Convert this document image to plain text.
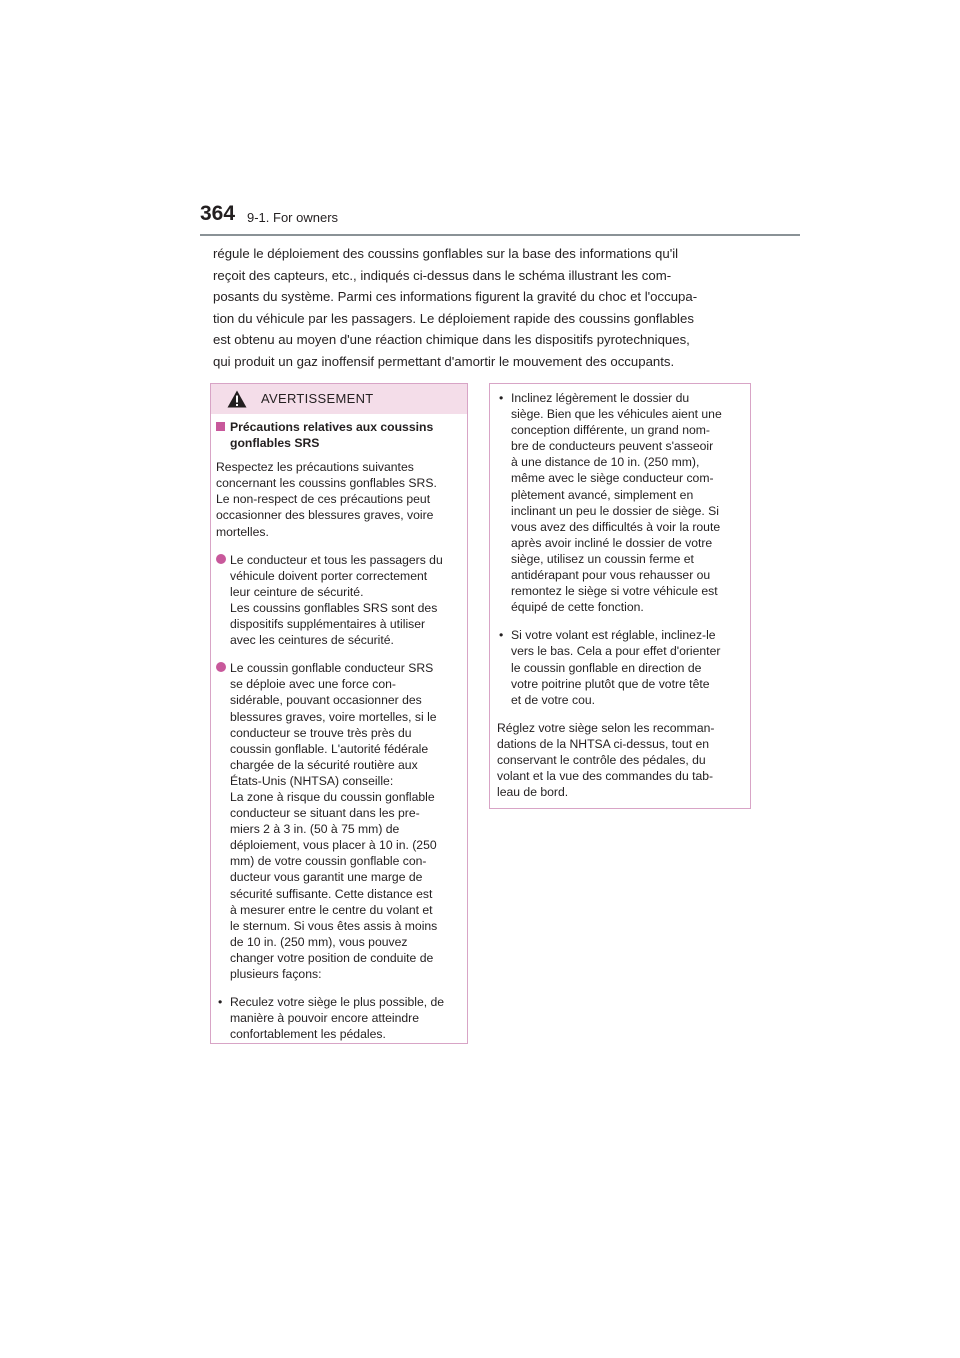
364 9-1. For owners
régule le déploiement des coussins gonflables sur la base des informations qu'il
reçoit des capteurs, etc., indiqués ci-dessus dans le schéma illustrant les com-
posants du système. Parmi ces informations figurent la gravité du choc et l'occupa-
tion du véhicule par les passagers. Le déploiement rapide des coussins gonflables
est obtenu au moyen d'une réaction chimique dans les dispositifs pyrotechniques,
qui produit un gaz inoffensif permettant d'amortir le mouvement des occupants.
AVERTISSEMENT
Précautions relatives aux coussins
gonflables SRS
Respectez les précautions suivantes
concernant les coussins gonflables SRS.
Le non-respect de ces précautions peut
occasionner des blessures graves, voire
mortelles.
Le conducteur et tous les passagers du
véhicule doivent porter correctement
leur ceinture de sécurité.
Les coussins gonflables SRS sont des
dispositifs supplémentaires à utiliser
avec les ceintures de sécurité.
Le coussin gonflable conducteur SRS
se déploie avec une force con-
sidérable, pouvant occasionner des
blessures graves, voire mortelles, si le
conducteur se trouve très près du
coussin gonflable. L'autorité fédérale
chargée de la sécurité routière aux
États-Unis (NHTSA) conseille:
La zone à risque du coussin gonflable
conducteur se situant dans les pre-
miers 2 à 3 in. (50 à 75 mm) de
déploiement, vous placer à 10 in. (250
mm) de votre coussin gonflable con-
ducteur vous garantit une marge de
sécurité suffisante. Cette distance est
à mesurer entre le centre du volant et
le sternum. Si vous êtes assis à moins
de 10 in. (250 mm), vous pouvez
changer votre position de conduite de
plusieurs façons:
• Reculez votre siège le plus possible, de
manière à pouvoir encore atteindre
confortablement les pédales.
• Inclinez légèrement le dossier du
siège. Bien que les véhicules aient une
conception différente, un grand nom-
bre de conducteurs peuvent s'asseoir
à une distance de 10 in. (250 mm),
même avec le siège conducteur com-
plètement avancé, simplement en
inclinant un peu le dossier de siège. Si
vous avez des difficultés à voir la route
après avoir incliné le dossier de votre
siège, utilisez un coussin ferme et
antidérapant pour vous rehausser ou
remontez le siège si votre véhicule est
équipé de cette fonction.
• Si votre volant est réglable, inclinez-le
vers le bas. Cela a pour effet d'orienter
le coussin gonflable en direction de
votre poitrine plutôt que de votre tête
et de votre cou.
Réglez votre siège selon les recomman-
dations de la NHTSA ci-dessus, tout en
conservant le contrôle des pédales, du
volant et la vue des commandes du tab-
leau de bord.
